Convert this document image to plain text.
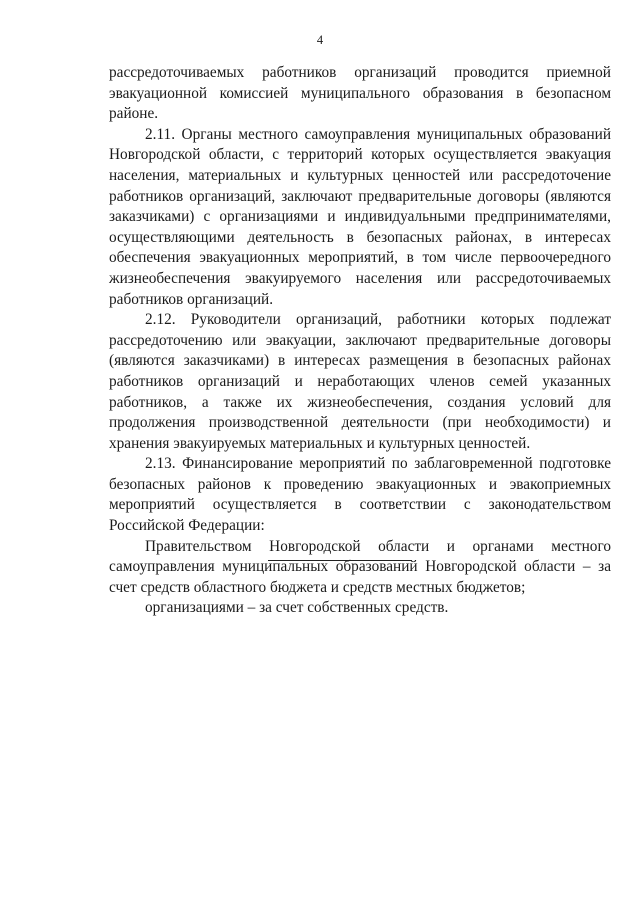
4

рассредоточиваемых работников организаций проводится приемной эвакуационной комиссией муниципального образования в безопасном районе.

2.11. Органы местного самоуправления муниципальных образований Новгородской области, с территорий которых осуществляется эвакуация населения, материальных и культурных ценностей или рассредоточение работников организаций, заключают предварительные договоры (являются заказчиками) с организациями и индивидуальными предпринимателями, осуществляющими деятельность в безопасных районах, в интересах обеспечения эвакуационных мероприятий, в том числе первоочередного жизнеобеспечения эвакуируемого населения или рассредоточиваемых работников организаций.

2.12. Руководители организаций, работники которых подлежат рассредоточению или эвакуации, заключают предварительные договоры (являются заказчиками) в интересах размещения в безопасных районах работников организаций и неработающих членов семей указанных работников, а также их жизнеобеспечения, создания условий для продолжения производственной деятельности (при необходимости) и хранения эвакуируемых материальных и культурных ценностей.

2.13. Финансирование мероприятий по заблаговременной подготовке безопасных районов к проведению эвакуационных и эвакоприемных мероприятий осуществляется в соответствии с законодательством Российской Федерации:

Правительством Новгородской области и органами местного самоуправления муниципальных образований Новгородской области – за счет средств областного бюджета и средств местных бюджетов;

организациями – за счет собственных средств.
